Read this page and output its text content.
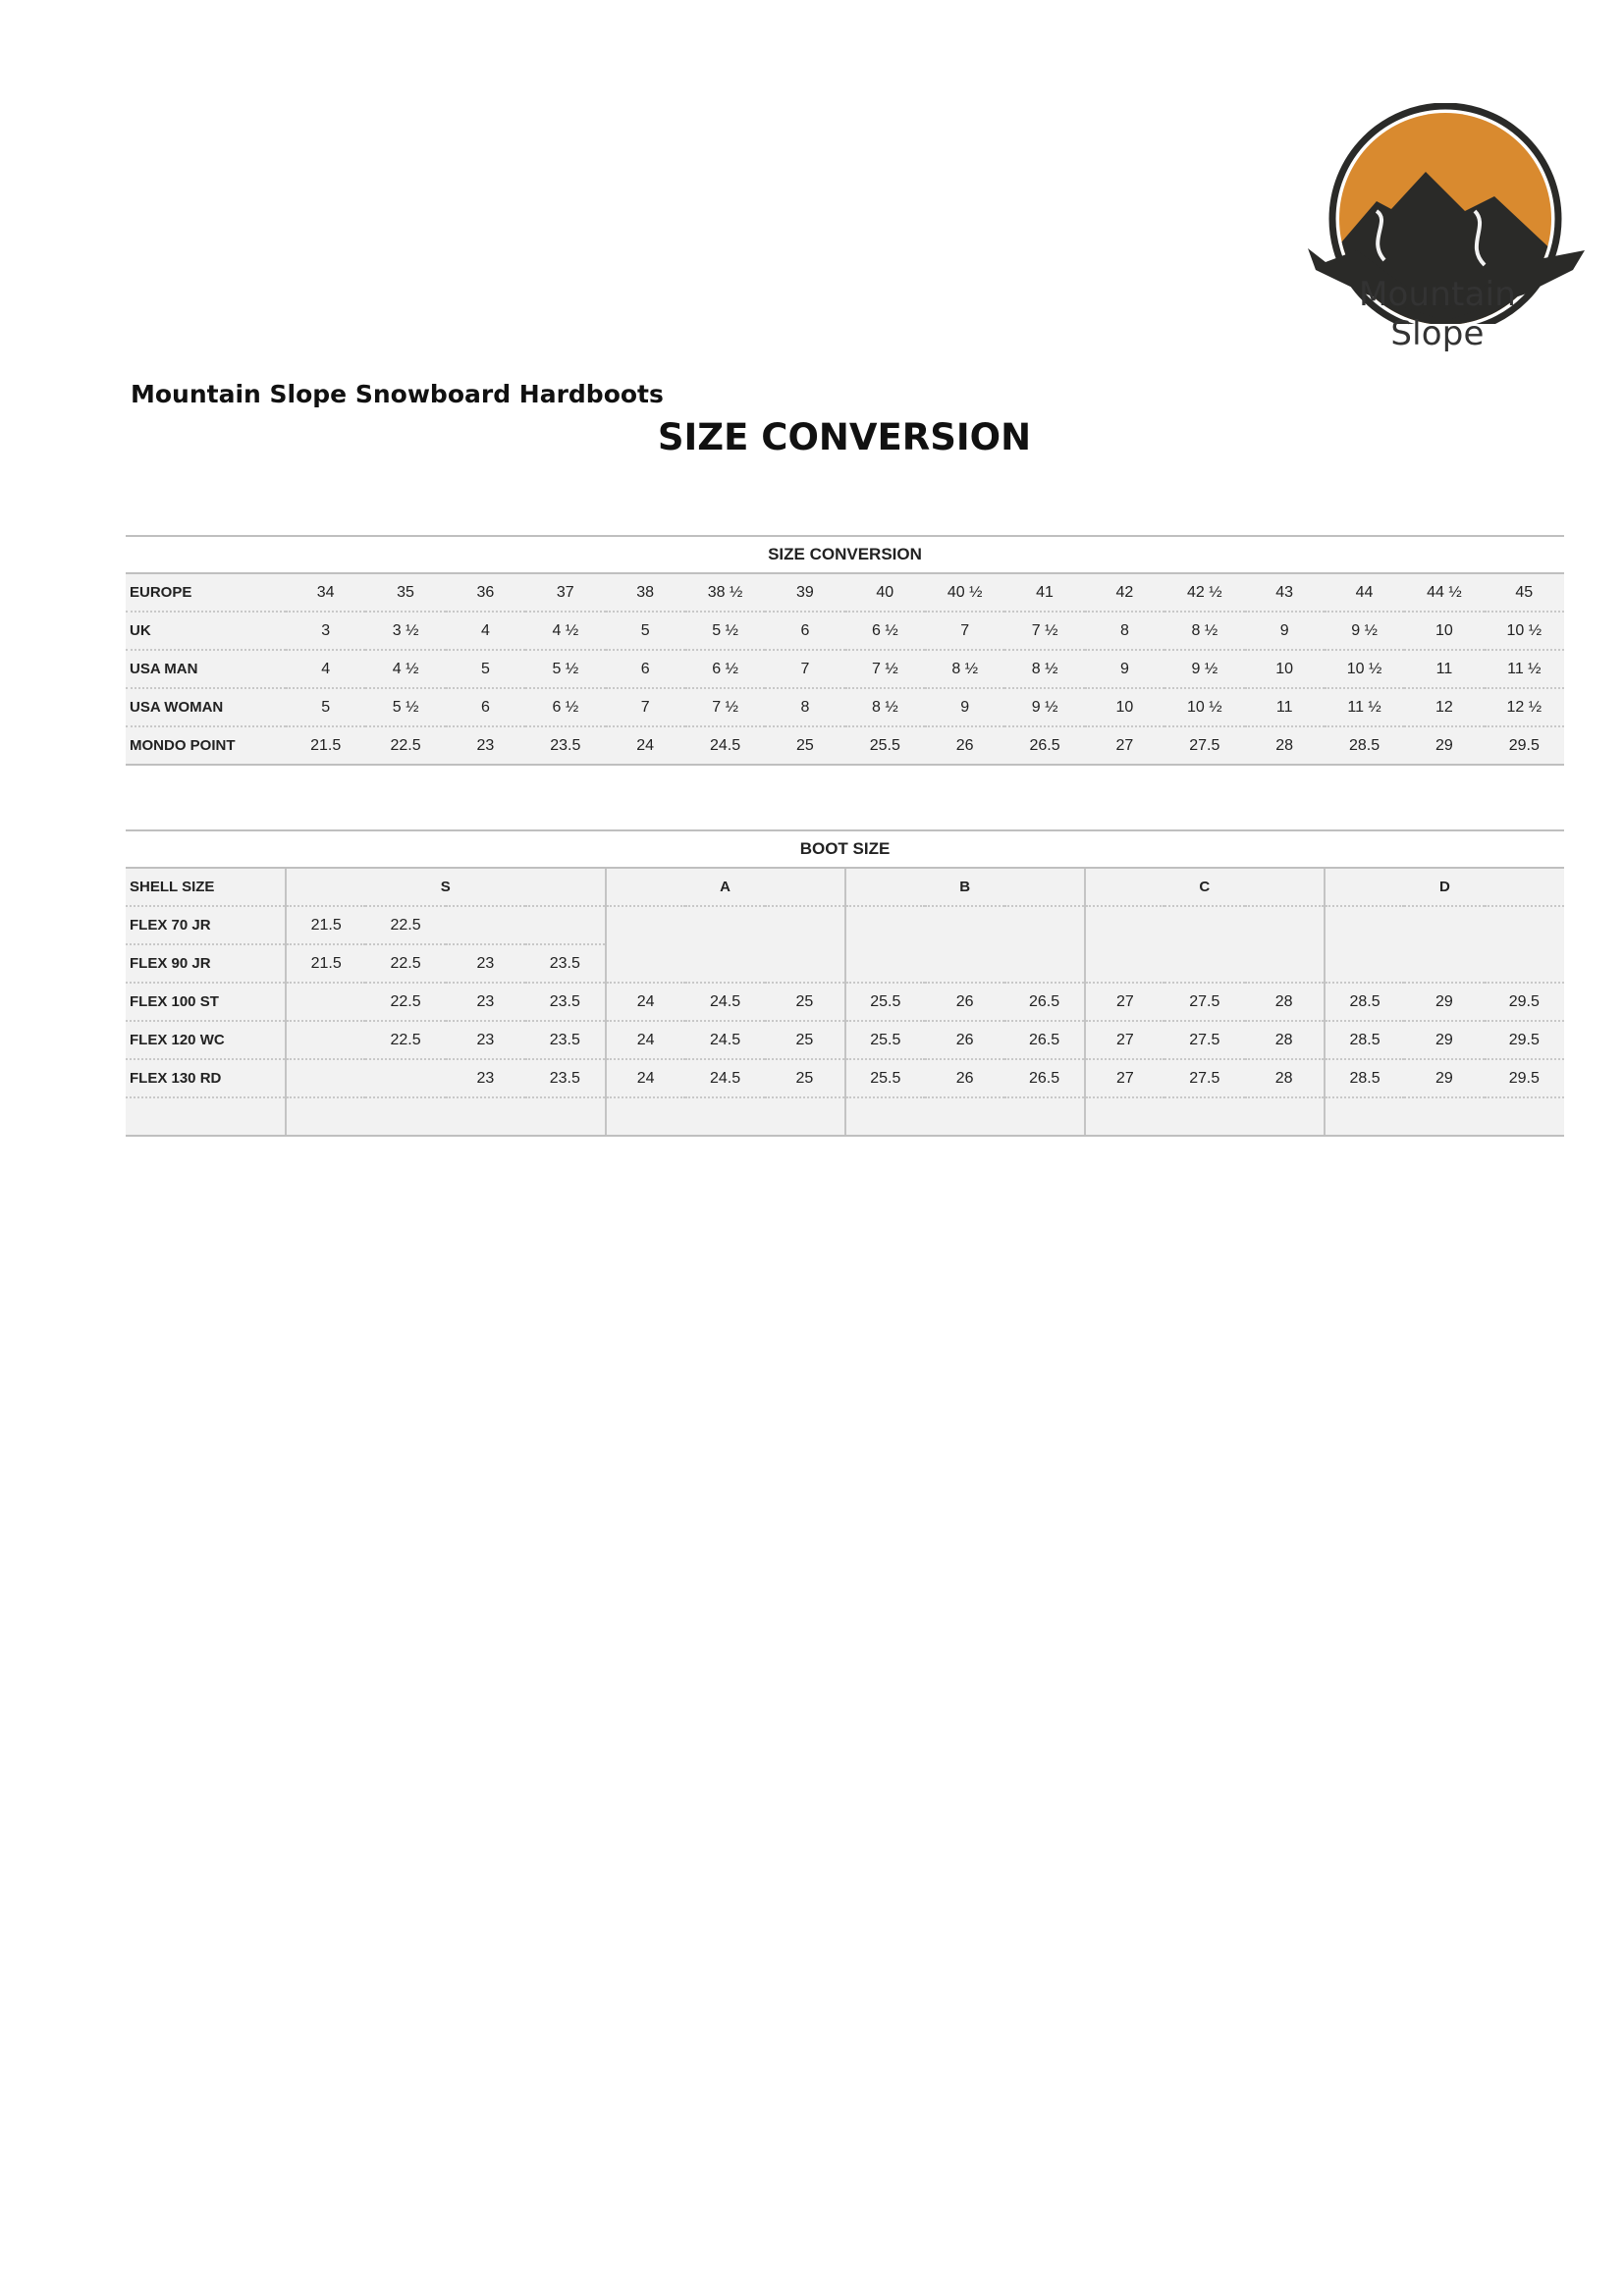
Mountain Slope
Mountain Slope Snowboard Hardboots
SIZE CONVERSION
SIZE CONVERSION																
EUROPE	34	35	36	37	38	38 ½	39	40	40 ½	41	42	42 ½	43	44	44 ½	45
UK	3	3 ½	4	4 ½	5	5 ½	6	6 ½	7	7 ½	8	8 ½	9	9 ½	10	10 ½
USA MAN	4	4 ½	5	5 ½	6	6 ½	7	7 ½	8 ½	8 ½	9	9 ½	10	10 ½	11	11 ½
USA WOMAN	5	5 ½	6	6 ½	7	7 ½	8	8 ½	9	9 ½	10	10 ½	11	11 ½	12	12 ½
MONDO POINT	21.5	22.5	23	23.5	24	24.5	25	25.5	26	26.5	27	27.5	28	28.5	29	29.5
BOOT SIZE																
SHELL SIZE	S				A			B			C			D		
FLEX 70 JR	21.5	22.5														
FLEX 90 JR	21.5	22.5	23	23.5												
FLEX 100 ST		22.5	23	23.5	24	24.5	25	25.5	26	26.5	27	27.5	28	28.5	29	29.5
FLEX 120 WC		22.5	23	23.5	24	24.5	25	25.5	26	26.5	27	27.5	28	28.5	29	29.5
FLEX 130 RD			23	23.5	24	24.5	25	25.5	26	26.5	27	27.5	28	28.5	29	29.5
